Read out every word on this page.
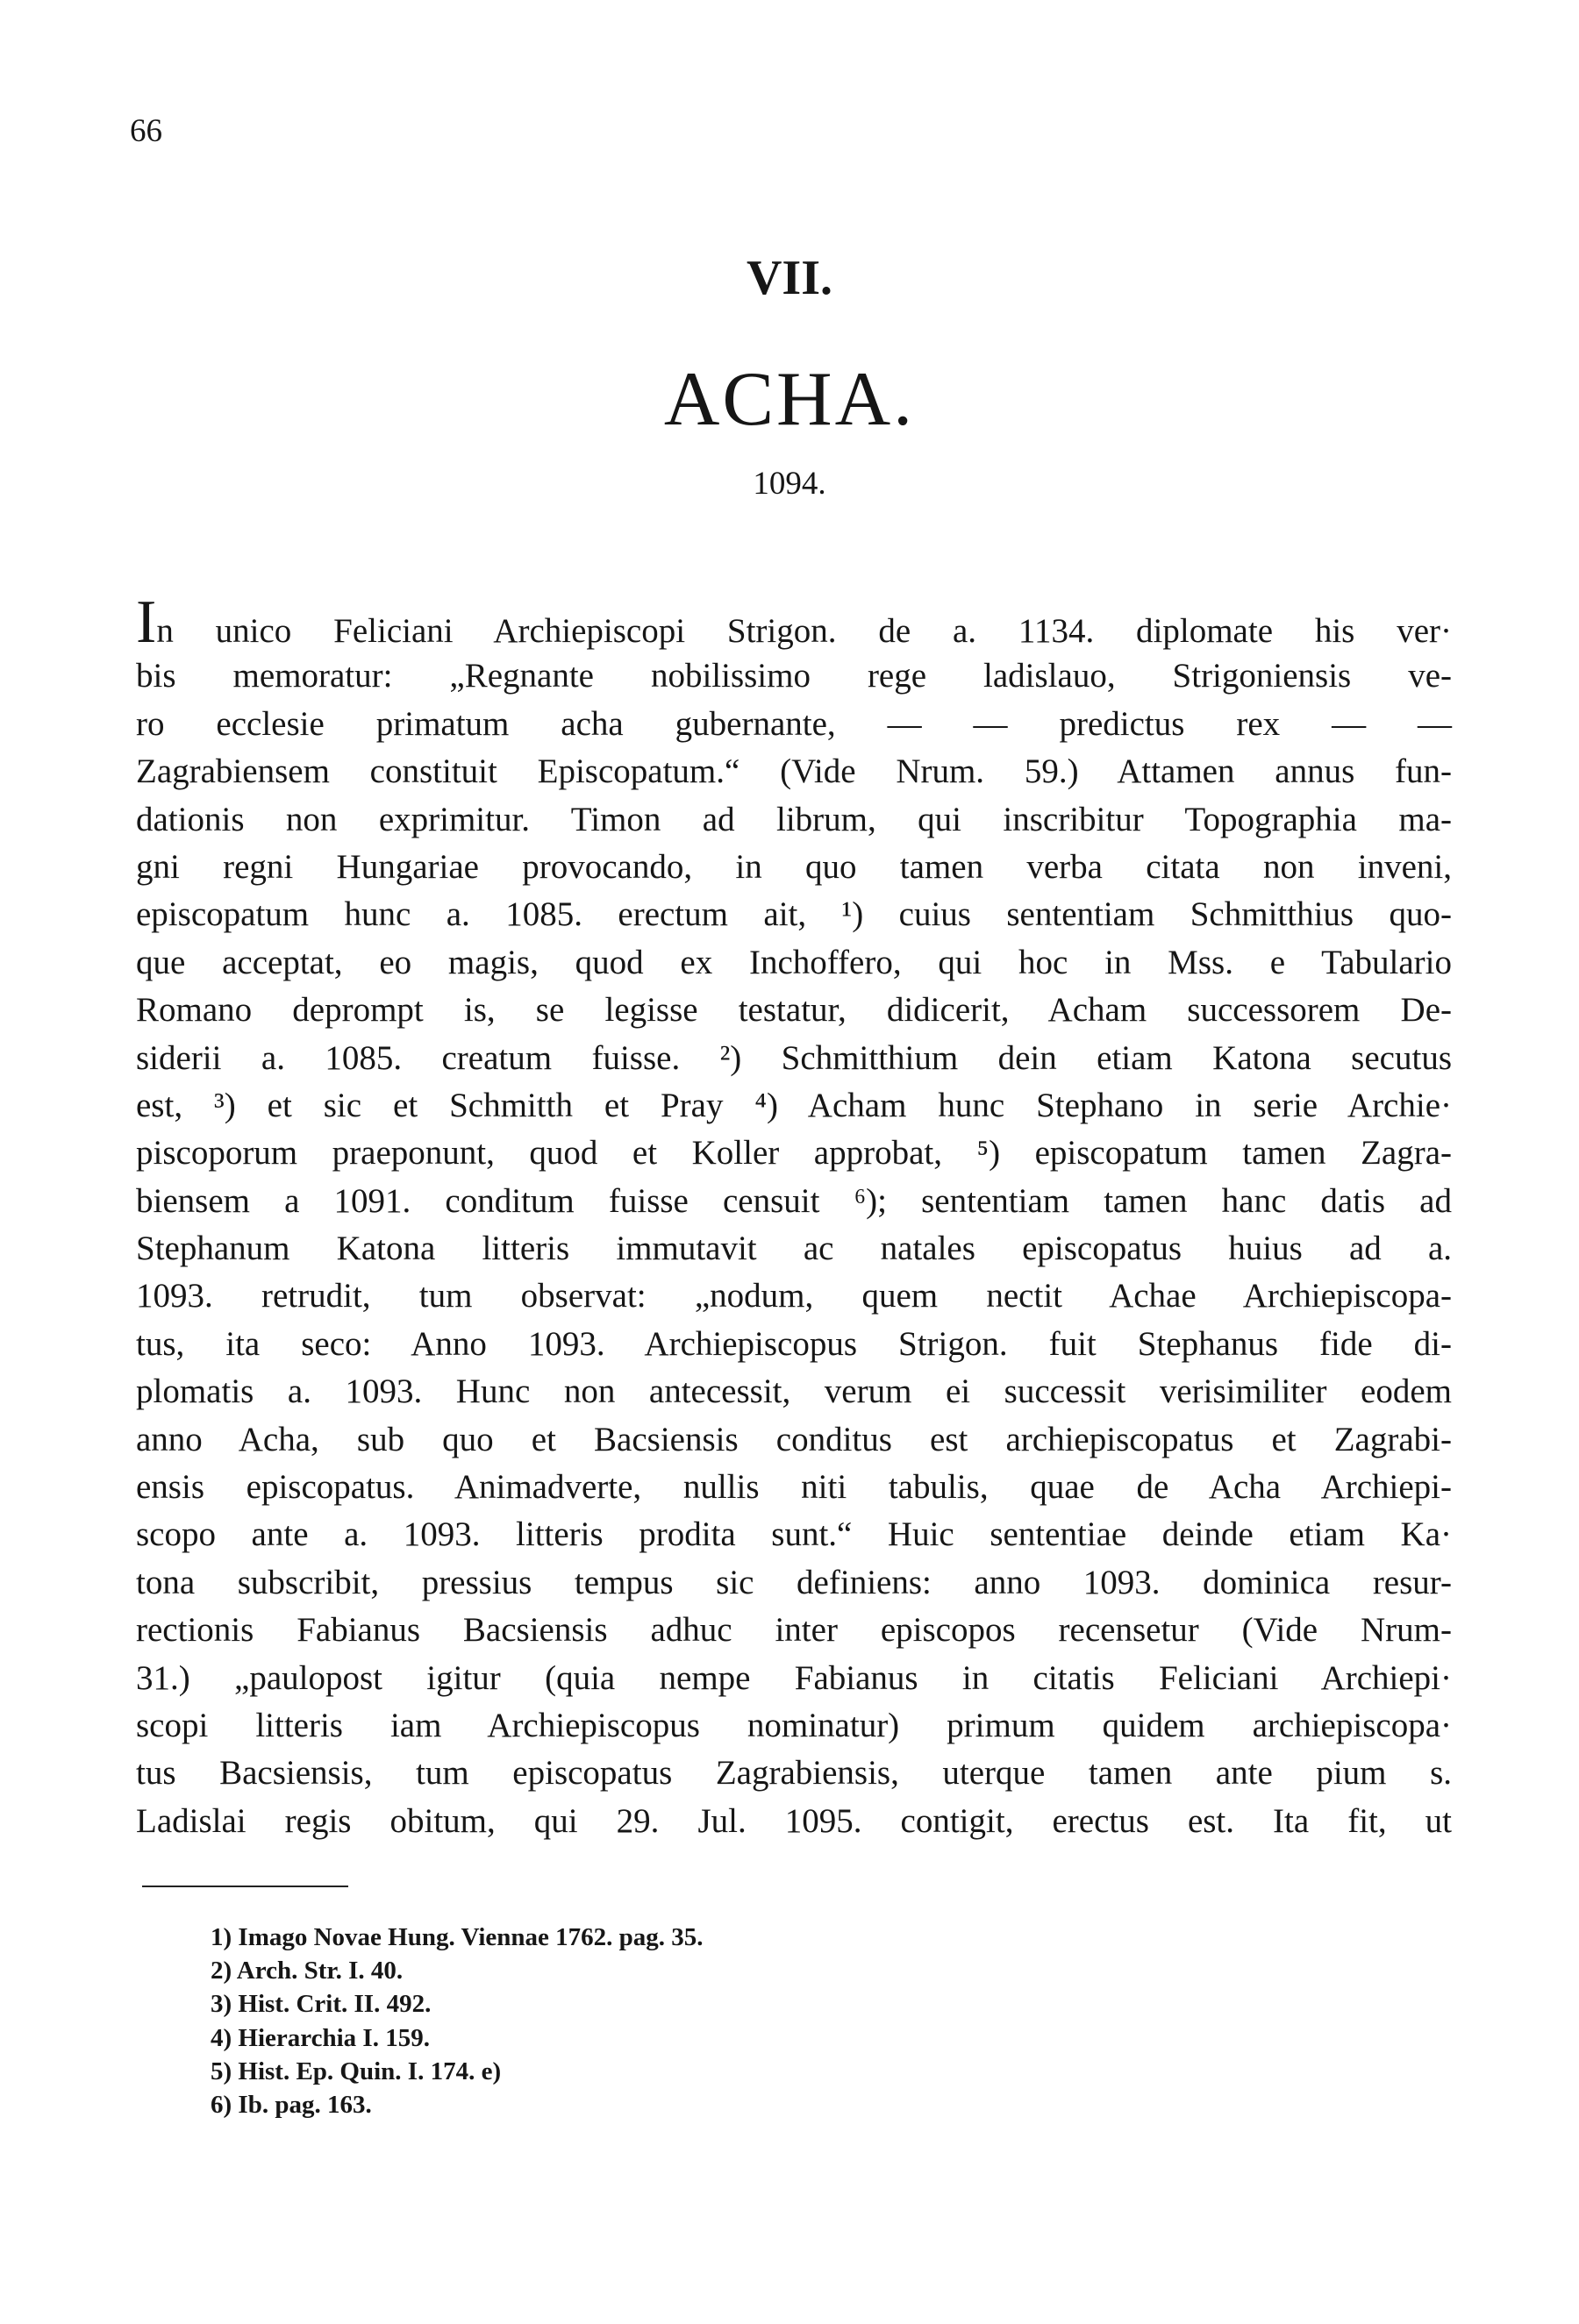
66
VII.
ACHA.
1094.
In unico Feliciani Archiepiscopi Strigon. de a. 1134. diplomate his ver·
bis memoratur: „Regnante nobilissimo rege ladislauo, Strigoniensis ve-
ro ecclesie primatum acha gubernante, — — predictus rex — —
Zagrabiensem constituit Episcopatum.“ (Vide Nrum. 59.) Attamen annus fun-
dationis non exprimitur. Timon ad librum, qui inscribitur Topographia ma-
gni regni Hungariae provocando, in quo tamen verba citata non inveni,
episcopatum hunc a. 1085. erectum ait, ¹) cuius sententiam Schmitthius quo-
que acceptat, eo magis, quod ex Inchoffero, qui hoc in Mss. e Tabulario
Romano deprompt is, se legisse testatur, didicerit, Acham successorem De-
siderii a. 1085. creatum fuisse. ²) Schmitthium dein etiam Katona secutus
est, ³) et sic et Schmitth et Pray ⁴) Acham hunc Stephano in serie Archie·
piscoporum praeponunt, quod et Koller approbat, ⁵) episcopatum tamen Zagra-
biensem a 1091. conditum fuisse censuit ⁶); sententiam tamen hanc datis ad
Stephanum Katona litteris immutavit ac natales episcopatus huius ad a.
1093. retrudit, tum observat: „nodum, quem nectit Achae Archiepiscopa-
tus, ita seco: Anno 1093. Archiepiscopus Strigon. fuit Stephanus fide di-
plomatis a. 1093. Hunc non antecessit, verum ei successit verisimiliter eodem
anno Acha, sub quo et Bacsiensis conditus est archiepiscopatus et Zagrabi-
ensis episcopatus. Animadverte, nullis niti tabulis, quae de Acha Archiepi-
scopo ante a. 1093. litteris prodita sunt.“ Huic sententiae deinde etiam Ka·
tona subscribit, pressius tempus sic definiens: anno 1093. dominica resur-
rectionis Fabianus Bacsiensis adhuc inter episcopos recensetur (Vide Nrum-
31.) „paulopost igitur (quia nempe Fabianus in citatis Feliciani Archiepi·
scopi litteris iam Archiepiscopus nominatur) primum quidem archiepiscopa·
tus Bacsiensis, tum episcopatus Zagrabiensis, uterque tamen ante pium s.
Ladislai regis obitum, qui 29. Jul. 1095. contigit, erectus est. Ita fit, ut
1) Imago Novae Hung. Viennae 1762. pag. 35.
2) Arch. Str. I. 40.
3) Hist. Crit. II. 492.
4) Hierarchia I. 159.
5) Hist. Ep. Quin. I. 174. e)
6) Ib. pag. 163.
